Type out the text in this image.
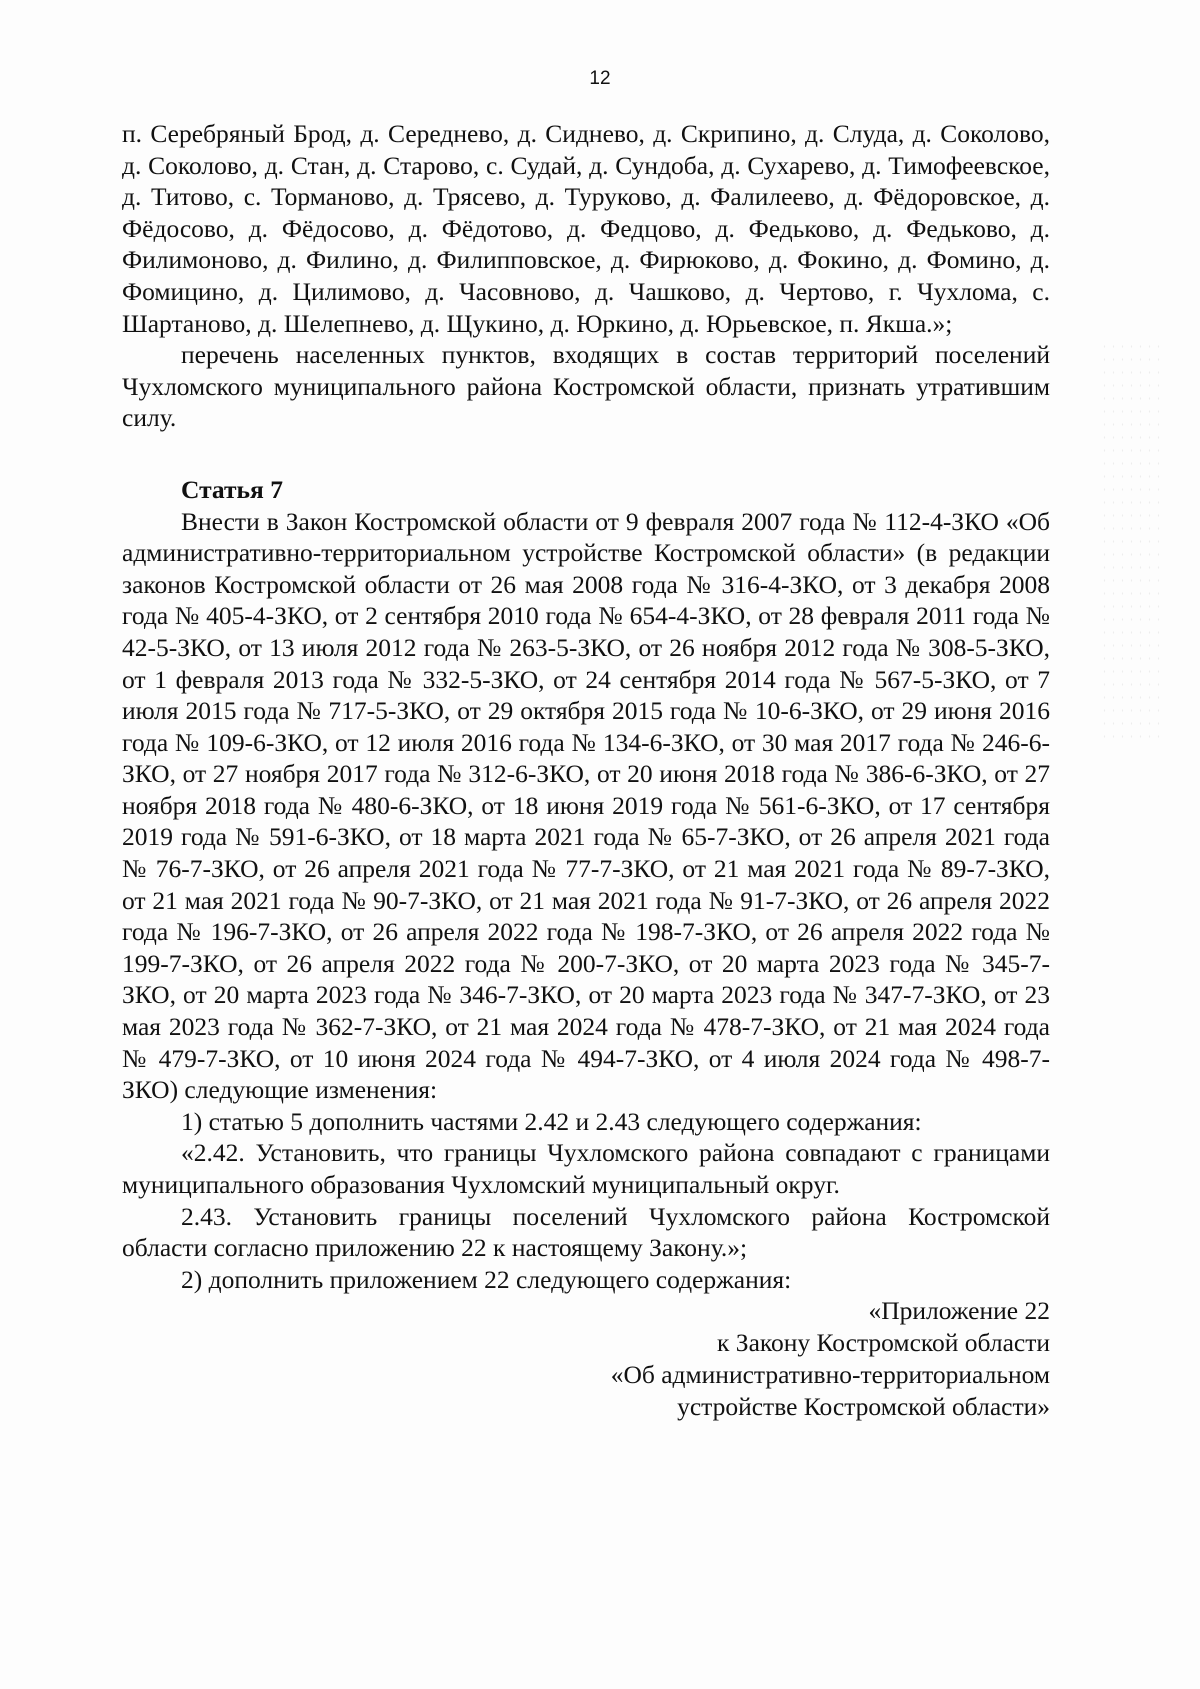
12

п. Серебряный Брод, д. Середнево, д. Сиднево, д. Скрипино, д. Слуда, д. Соколово, д. Соколово, д. Стан, д. Старово, с. Судай, д. Сундоба, д. Сухарево, д. Тимофеевское, д. Титово, с. Торманово, д. Трясево, д. Туруково, д. Фалилеево, д. Фёдоровское, д. Фёдосово, д. Фёдосово, д. Фёдотово, д. Федцово, д. Федьково, д. Федьково, д. Филимоново, д. Филино, д. Филипповское, д. Фирюково, д. Фокино, д. Фомино, д. Фомицино, д. Цилимово, д. Часовново, д. Чашково, д. Чертово, г. Чухлома, с. Шартаново, д. Шелепнево, д. Щукино, д. Юркино, д. Юрьевское, п. Якша.»;

перечень населенных пунктов, входящих в состав территорий поселений Чухломского муниципального района Костромской области, признать утратившим силу.

Статья 7

Внести в Закон Костромской области от 9 февраля 2007 года № 112-4-ЗКО «Об административно-территориальном устройстве Костромской области» (в редакции законов Костромской области от 26 мая 2008 года № 316-4-ЗКО, от 3 декабря 2008 года № 405-4-ЗКО, от 2 сентября 2010 года № 654-4-ЗКО, от 28 февраля 2011 года № 42-5-ЗКО, от 13 июля 2012 года № 263-5-ЗКО, от 26 ноября 2012 года № 308-5-ЗКО, от 1 февраля 2013 года № 332-5-ЗКО, от 24 сентября 2014 года № 567-5-ЗКО, от 7 июля 2015 года № 717-5-ЗКО, от 29 октября 2015 года № 10-6-ЗКО, от 29 июня 2016 года № 109-6-ЗКО, от 12 июля 2016 года № 134-6-ЗКО, от 30 мая 2017 года № 246-6-ЗКО, от 27 ноября 2017 года № 312-6-ЗКО, от 20 июня 2018 года № 386-6-ЗКО, от 27 ноября 2018 года № 480-6-ЗКО, от 18 июня 2019 года № 561-6-ЗКО, от 17 сентября 2019 года № 591-6-ЗКО, от 18 марта 2021 года № 65-7-ЗКО, от 26 апреля 2021 года № 76-7-ЗКО, от 26 апреля 2021 года № 77-7-ЗКО, от 21 мая 2021 года № 89-7-ЗКО, от 21 мая 2021 года № 90-7-ЗКО, от 21 мая 2021 года № 91-7-ЗКО, от 26 апреля 2022 года № 196-7-ЗКО, от 26 апреля 2022 года № 198-7-ЗКО, от 26 апреля 2022 года № 199-7-ЗКО, от 26 апреля 2022 года № 200-7-ЗКО, от 20 марта 2023 года № 345-7-ЗКО, от 20 марта 2023 года № 346-7-ЗКО, от 20 марта 2023 года № 347-7-ЗКО, от 23 мая 2023 года № 362-7-ЗКО, от 21 мая 2024 года № 478-7-ЗКО, от 21 мая 2024 года № 479-7-ЗКО, от 10 июня 2024 года № 494-7-ЗКО, от 4 июля 2024 года № 498-7-ЗКО) следующие изменения:

1) статью 5 дополнить частями 2.42 и 2.43 следующего содержания:

«2.42. Установить, что границы Чухломского района совпадают с границами муниципального образования Чухломский муниципальный округ.

2.43. Установить границы поселений Чухломского района Костромской области согласно приложению 22 к настоящему Закону.»;

2) дополнить приложением 22 следующего содержания:

«Приложение 22
к Закону Костромской области
«Об административно-территориальном
устройстве Костромской области»
